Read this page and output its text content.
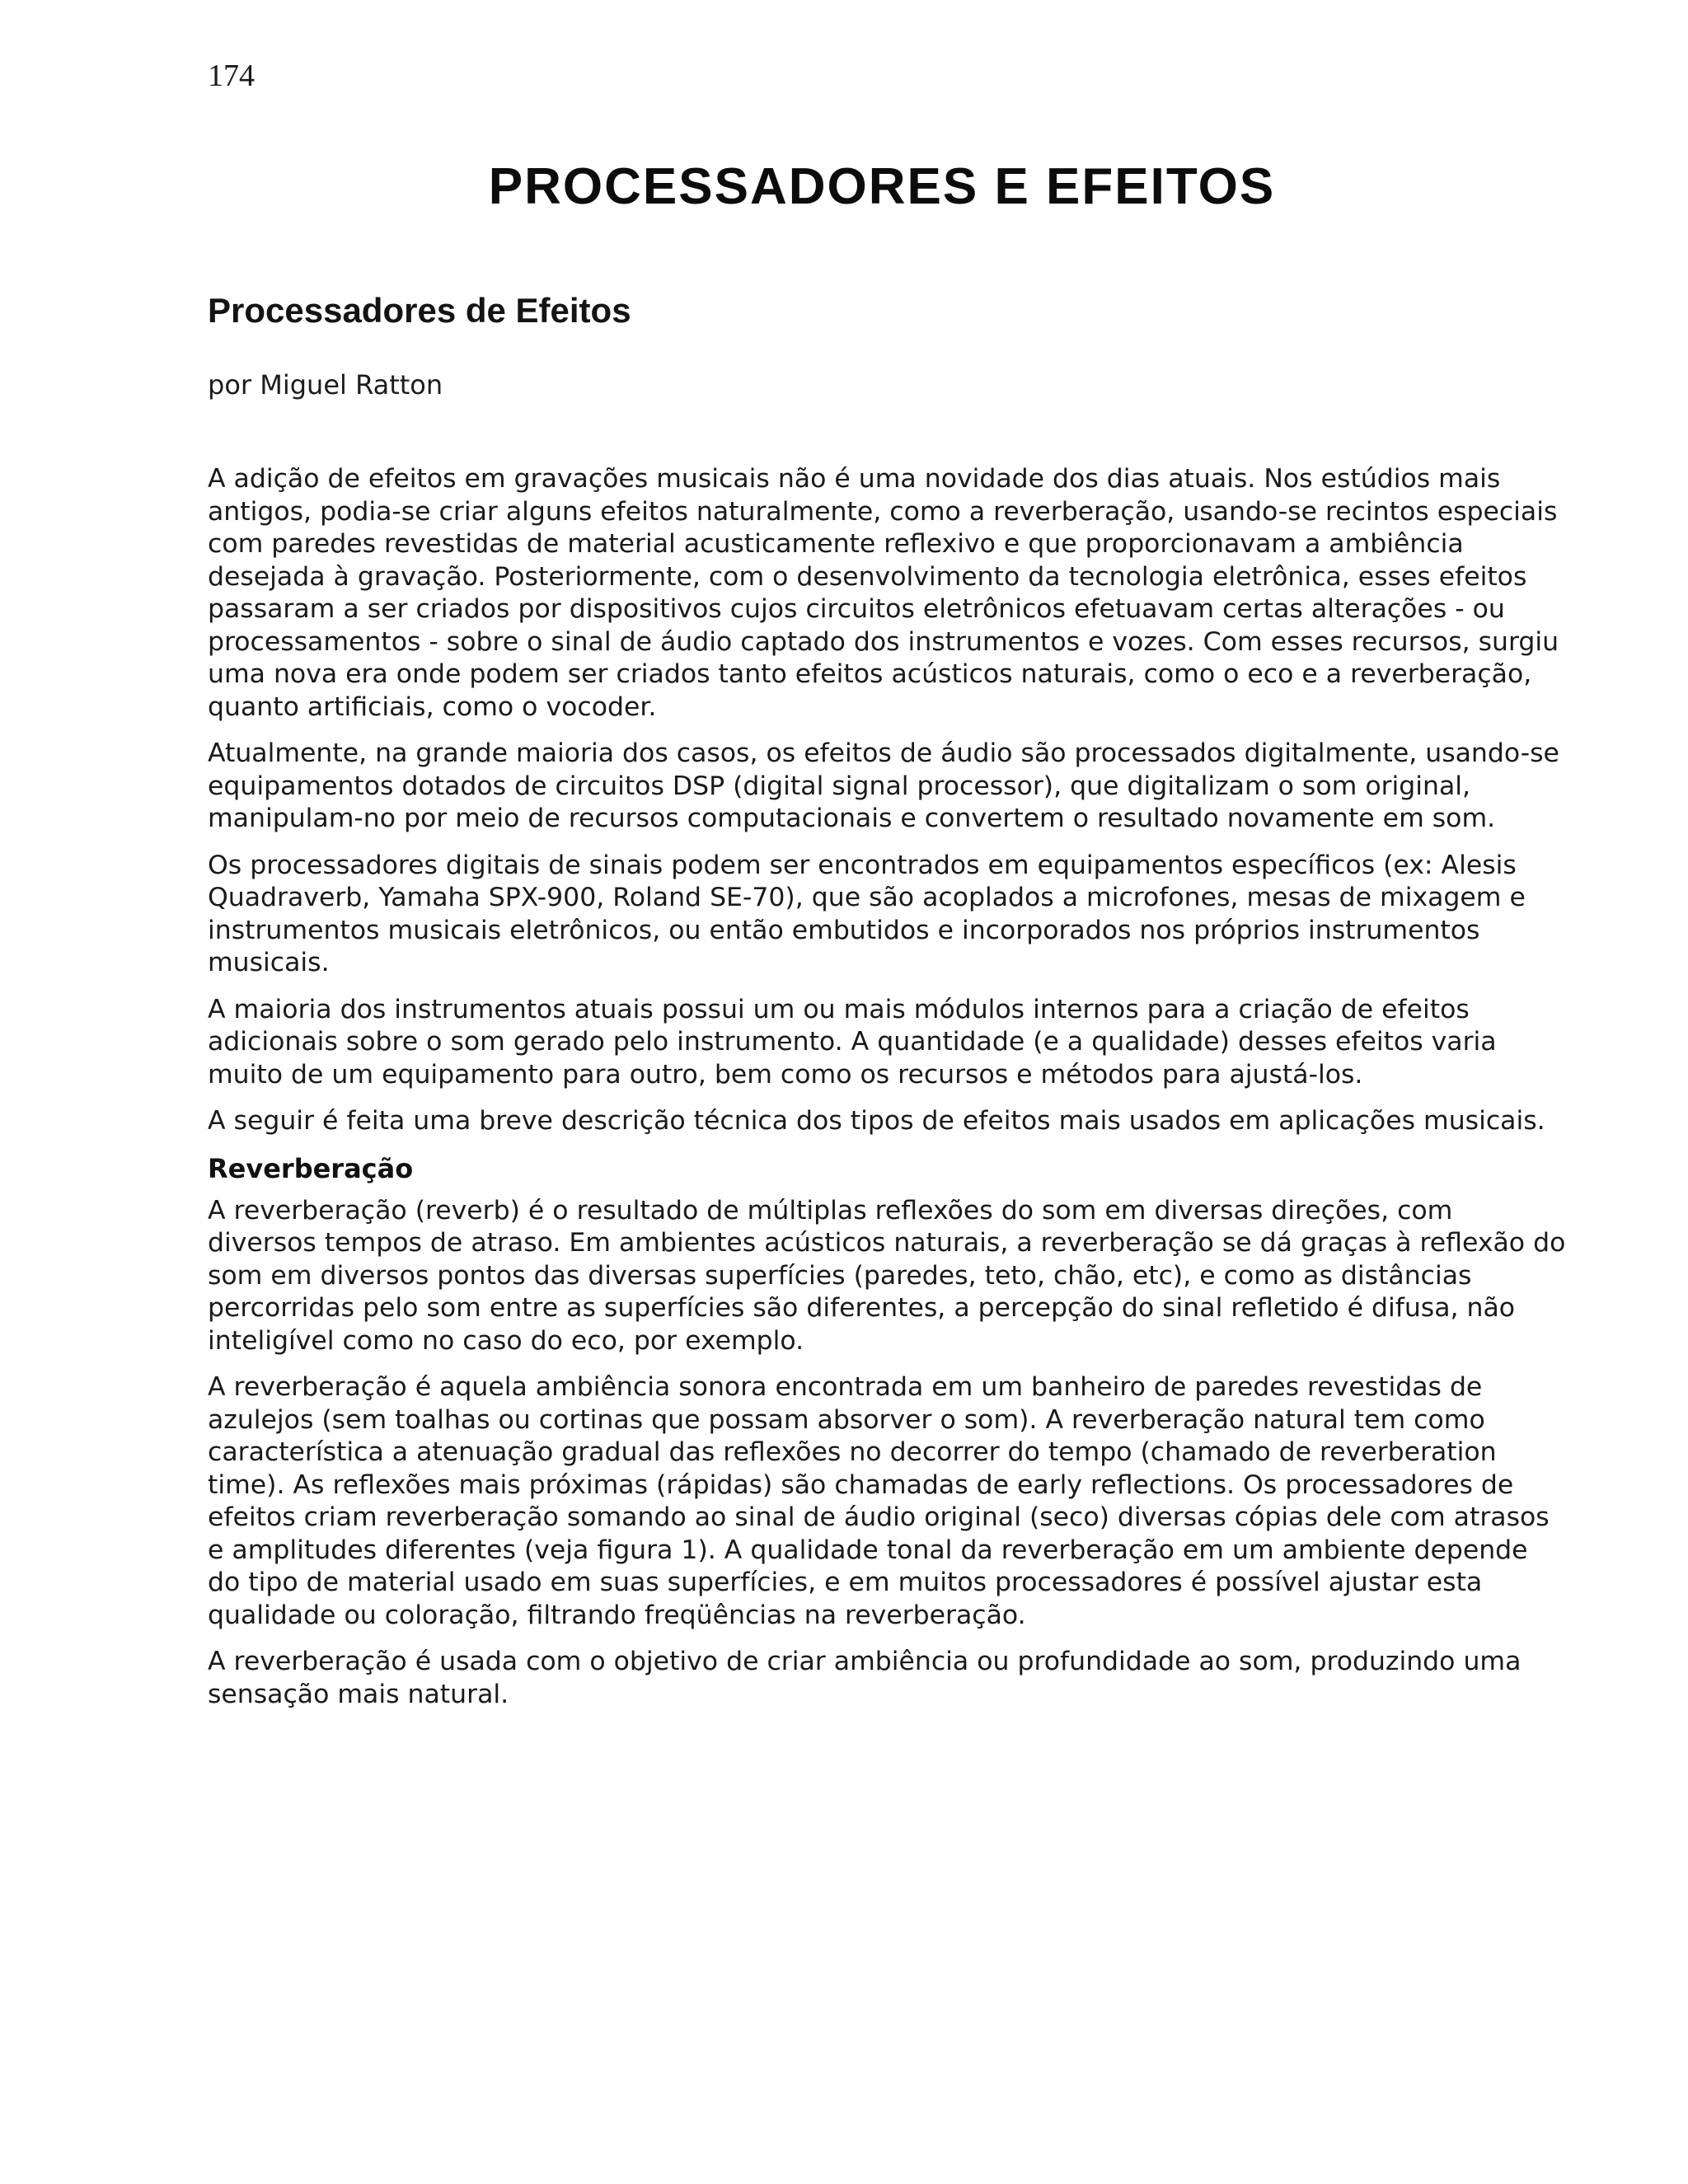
174

PROCESSADORES E EFEITOS
Processadores de Efeitos

por Miguel Ratton

A adição de efeitos em gravações musicais não é uma novidade dos dias atuais. Nos estúdios mais antigos, podia-se criar alguns efeitos naturalmente, como a reverberação, usando-se recintos especiais com paredes revestidas de material acusticamente reflexivo e que proporcionavam a ambiência desejada à gravação. Posteriormente, com o desenvolvimento da tecnologia eletrônica, esses efeitos passaram a ser criados por dispositivos cujos circuitos eletrônicos efetuavam certas alterações - ou processamentos - sobre o sinal de áudio captado dos instrumentos e vozes. Com esses recursos, surgiu uma nova era onde podem ser criados tanto efeitos acústicos naturais, como o eco e a reverberação, quanto artificiais, como o vocoder.

Atualmente, na grande maioria dos casos, os efeitos de áudio são processados digitalmente, usando-se equipamentos dotados de circuitos DSP (digital signal processor), que digitalizam o som original, manipulam-no por meio de recursos computacionais e convertem o resultado novamente em som.

Os processadores digitais de sinais podem ser encontrados em equipamentos específicos (ex: Alesis Quadraverb, Yamaha SPX-900, Roland SE-70), que são acoplados a microfones, mesas de mixagem e instrumentos musicais eletrônicos, ou então embutidos e incorporados nos próprios instrumentos musicais.

A maioria dos instrumentos atuais possui um ou mais módulos internos para a criação de efeitos adicionais sobre o som gerado pelo instrumento. A quantidade (e a qualidade) desses efeitos varia muito de um equipamento para outro, bem como os recursos e métodos para ajustá-los.

A seguir é feita uma breve descrição técnica dos tipos de efeitos mais usados em aplicações musicais.

Reverberação

A reverberação (reverb) é o resultado de múltiplas reflexões do som em diversas direções, com diversos tempos de atraso. Em ambientes acústicos naturais, a reverberação se dá graças à reflexão do som em diversos pontos das diversas superfícies (paredes, teto, chão, etc), e como as distâncias percorridas pelo som entre as superfícies são diferentes, a percepção do sinal refletido é difusa, não inteligível como no caso do eco, por exemplo.

A reverberação é aquela ambiência sonora encontrada em um banheiro de paredes revestidas de azulejos (sem toalhas ou cortinas que possam absorver o som). A reverberação natural tem como característica a atenuação gradual das reflexões no decorrer do tempo (chamado de reverberation time). As reflexões mais próximas (rápidas) são chamadas de early reflections. Os processadores de efeitos criam reverberação somando ao sinal de áudio original (seco) diversas cópias dele com atrasos e amplitudes diferentes (veja figura 1). A qualidade tonal da reverberação em um ambiente depende do tipo de material usado em suas superfícies, e em muitos processadores é possível ajustar esta qualidade ou coloração, filtrando freqüências na reverberação.

A reverberação é usada com o objetivo de criar ambiência ou profundidade ao som, produzindo uma sensação mais natural.
